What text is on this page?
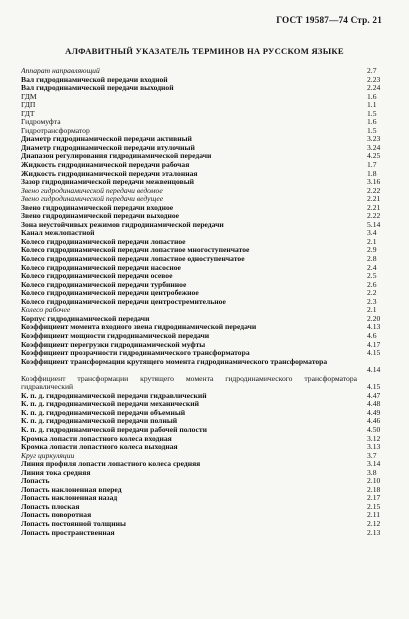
ГОСТ 19587—74 Стр. 21
АЛФАВИТНЫЙ УКАЗАТЕЛЬ ТЕРМИНОВ НА РУССКОМ ЯЗЫКЕ
Аппарат направляющий	2.7
Вал гидродинамической передачи входной	2.23
Вал гидродинамической передачи выходной	2.24
ГДМ	1.6
ГДП	1.1
ГДТ	1.5
Гидромуфта	1.6
Гидротрансформатор	1.5
Диаметр гидродинамической передачи активный	3.23
Диаметр гидродинамической передачи втулочный	3.24
Диапазон регулирования гидродинамической передачи	4.25
Жидкость гидродинамической передачи рабочая	1.7
Жидкость гидродинамической передачи эталонная	1.8
Зазор гидродинамической передачи межвенцовый	3.16
Звено гидродинамической передачи ведомое	2.22
Звено гидродинамической передачи ведущее	2.21
Звено гидродинамической передачи входное	2.21
Звено гидродинамической передачи выходное	2.22
Зона неустойчивых режимов гидродинамической передачи	5.14
Канал межлопастной	3.4
Колесо гидродинамической передачи лопастное	2.1
Колесо гидродинамической передачи лопастное многоступенчатое	2.9
Колесо гидродинамической передачи лопастное одноступенчатое	2.8
Колесо гидродинамической передачи насосное	2.4
Колесо гидродинамической передачи осевое	2.5
Колесо гидродинамической передачи турбинное	2.6
Колесо гидродинамической передачи центробежное	2.2
Колесо гидродинамической передачи центростремительное	2.3
Колесо рабочее	2.1
Корпус гидродинамической передачи	2.20
Коэффициент момента входного звена гидродинамической передачи	4.13
Коэффициент мощности гидродинамической передачи	4.6
Коэффициент перегрузки гидродинамической муфты	4.17
Коэффициент прозрачности гидродинамического трансформатора	4.15
Коэффициент трансформации крутящего момента гидродинамического трансформатора
4.14
Коэффициент трансформации крутящего момента гидродинамического трансформатора гидравлический	4.15
К. п. д. гидродинамической передачи гидравлический	4.47
К. п. д. гидродинамической передачи механический	4.48
К. п. д. гидродинамической передачи объемный	4.49
К. п. д. гидродинамической передачи полный	4.46
К. п. д. гидродинамической передачи рабочей полости	4.50
Кромка лопасти лопастного колеса входная	3.12
Кромка лопасти лопастного колеса выходная	3.13
Круг циркуляции	3.7
Линия профиля лопасти лопастного колеса средняя	3.14
Линия тока средняя	3.8
Лопасть	2.10
Лопасть наклоненная вперед	2.18
Лопасть наклоненная назад	2.17
Лопасть плоская	2.15
Лопасть поворотная	2.11
Лопасть постоянной толщины	2.12
Лопасть пространственная	2.13
